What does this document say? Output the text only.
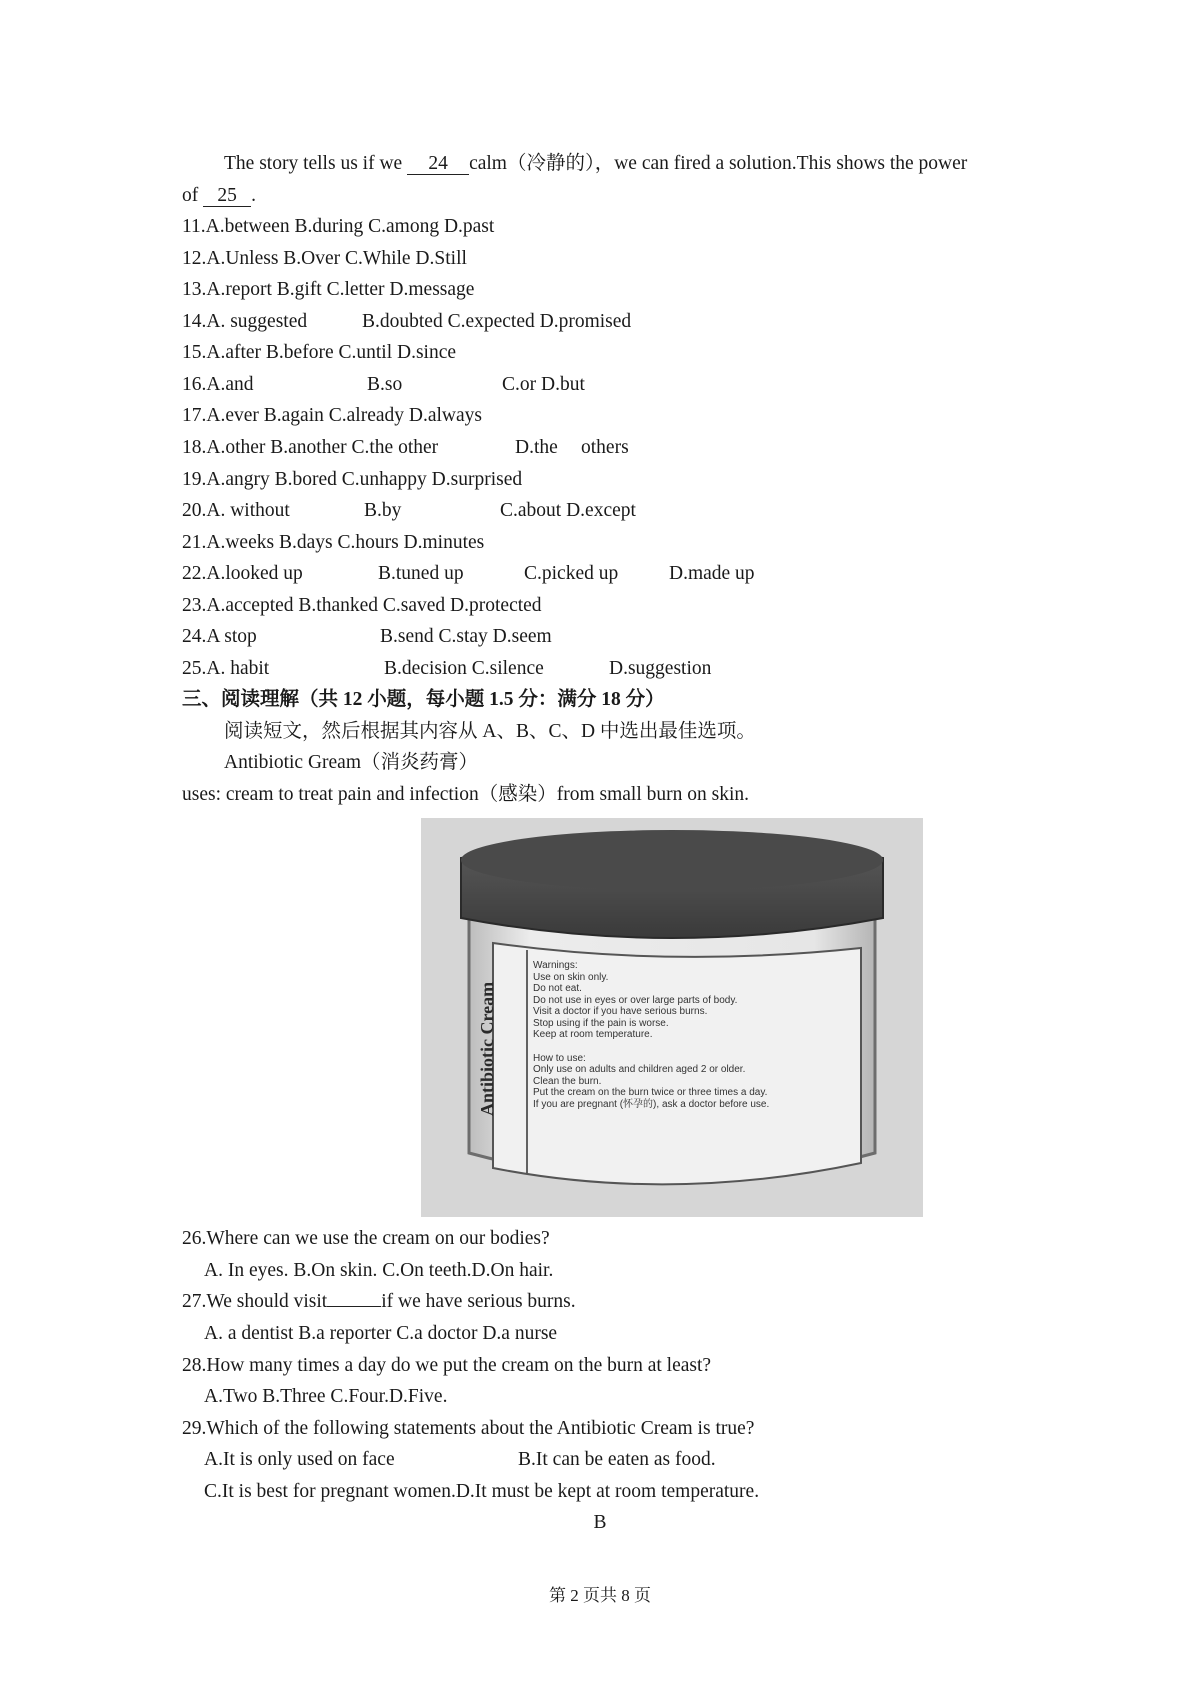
The story tells us if we 24 calm（冷静的），we can fired a solution.This shows the power
of 25 .
11.A.between B.during C.among D.past
12.A.Unless B.Over C.While D.Still
13.A.report B.gift C.letter D.message
14.A. suggested	B.doubted C.expected D.promised
15.A.after B.before C.until D.since
16.A.and	B.so	C.or D.but
17.A.ever B.again C.already D.always
18.A.other B.another C.the other	D.the others
19.A.angry B.bored C.unhappy D.surprised
20.A. without	B.by	C.about D.except
21.A.weeks B.days C.hours D.minutes
22.A.looked up	B.tuned up	C.picked up	D.made up
23.A.accepted B.thanked C.saved D.protected
24.A stop	B.send C.stay D.seem
25.A. habit	B.decision C.silence	D.suggestion
三、阅读理解（共 12 小题，每小题 1.5 分：满分 18 分）
阅读短文，然后根据其内容从 A、B、C、D 中选出最佳选项。
Antibiotic Gream（消炎药膏）
uses: cream to treat pain and infection（感染）from small burn on skin.
Antibiotic Cream
Warnings:
Use on skin only.
Do not eat.
Do not use in eyes or over large parts of body.
Visit a doctor if you have serious burns.
Stop using if the pain is worse.
Keep at room temperature.
How to use:
Only use on adults and children aged 2 or older.
Clean the burn.
Put the cream on the burn twice or three times a day.
If you are pregnant (怀孕的), ask a doctor before use.
26.Where can we use the cream on our bodies?
A. In eyes. B.On skin. C.On teeth.D.On hair.
27.We should visit	if we have serious burns.
A. a dentist B.a reporter C.a doctor D.a nurse
28.How many times a day do we put the cream on the burn at least?
A.Two B.Three C.Four.D.Five.
29.Which of the following statements about the Antibiotic Cream is true?
A.It is only used on face	B.It can be eaten as food.
C.It is best for pregnant women.D.It must be kept at room temperature.
B
第 2 页共 8 页
